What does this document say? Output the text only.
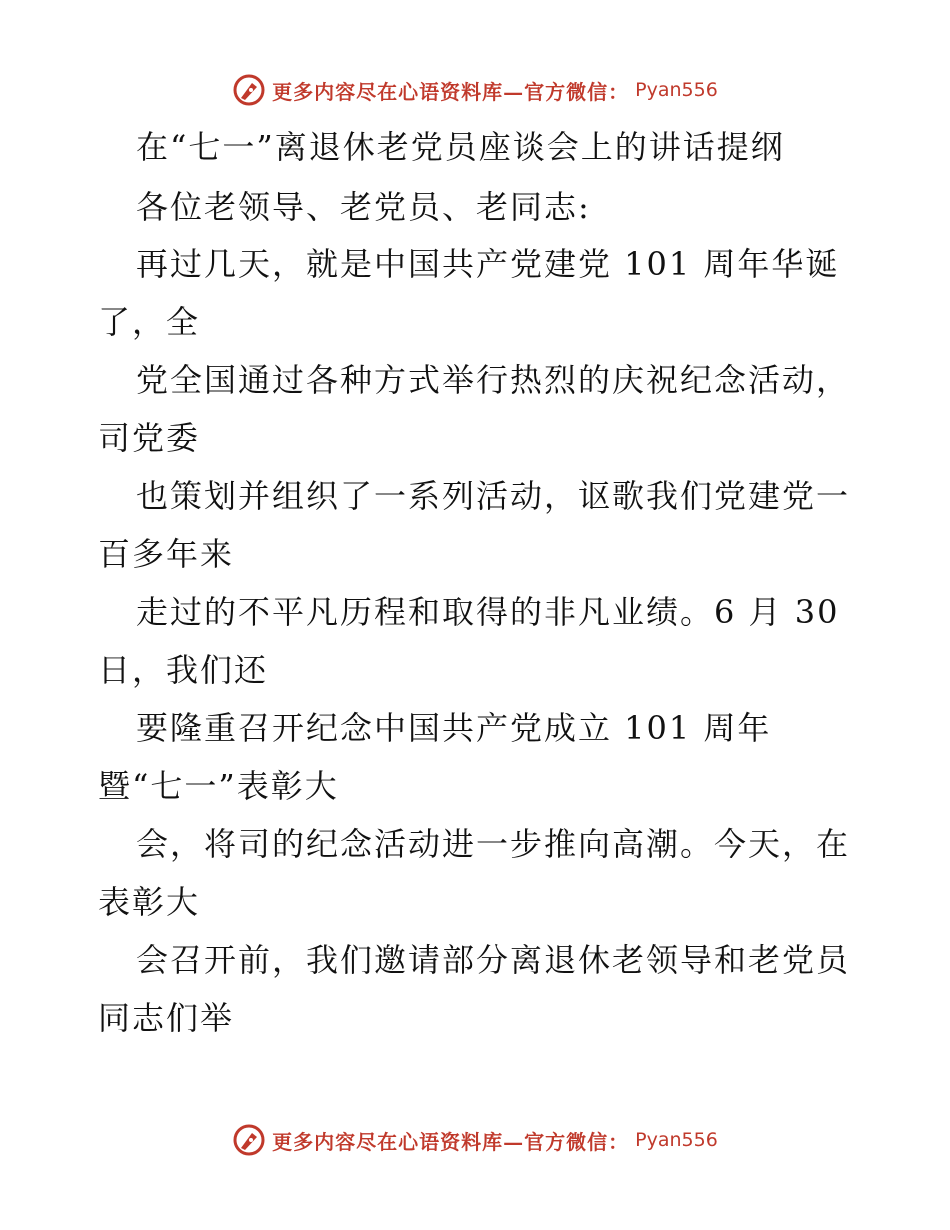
更多内容尽在心语资料库—官方微信： Pyan556
在“七一”离退休老党员座谈会上的讲话提纲
各位老领导、老党员、老同志:
再过几天，就是中国共产党建党 101 周年华诞
了，全
党全国通过各种方式举行热烈的庆祝纪念活动，
司党委
也策划并组织了一系列活动，讴歌我们党建党一
百多年来
走过的不平凡历程和取得的非凡业绩。6 月 30
日，我们还
要隆重召开纪念中国共产党成立 101 周年
暨“七一”表彰大
会，将司的纪念活动进一步推向高潮。今天，在
表彰大
会召开前，我们邀请部分离退休老领导和老党员
同志们举
更多内容尽在心语资料库—官方微信： Pyan556
